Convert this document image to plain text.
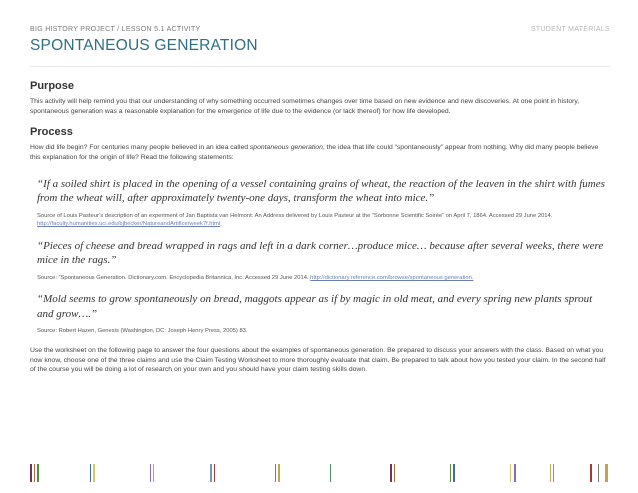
BIG HISTORY PROJECT / LESSON 5.1 ACTIVITY
SPONTANEOUS GENERATION
STUDENT MATERIALS
Purpose

This activity will help remind you that our understanding of why something occurred sometimes changes over time based on new evidence and new discoveries. At one point in history, spontaneous generation was a reasonable explanation for the emergence of life due to the evidence (or lack thereof) for how life developed.

Process

How did life begin? For centuries many people believed in an idea called spontaneous generation, the idea that life could “spontaneously” appear from nothing. Why did many people believe this explanation for the origin of life? Read the following statements:

“If a soiled shirt is placed in the opening of a vessel containing grains of wheat, the reaction of the leaven in the shirt with fumes from the wheat will, after approximately twenty-one days, transform the wheat into mice.”

Source of Louis Pasteur’s description of an experiment of Jan Baptista van Helmont: An Address delivered by Louis Pasteur at the “Sorbonne Scientific Soirée” on April 7, 1864. Accessed 29 June 2014. http://faculty.humanities.uci.edu/bjbecker/NatureandArtifice/week7f.html

“Pieces of cheese and bread wrapped in rags and left in a dark corner…produce mice… because after several weeks, there were mice in the rags.”

Source: “Spontaneous Generation. Dictionary.com. Encyclopedia Britannica, Inc. Accessed 29 June 2014. http://dictionary.reference.com/browse/spontaneous generation.

“Mold seems to grow spontaneously on bread, maggots appear as if by magic in old meat, and every spring new plants sprout and grow….”

Source: Robert Hazen, Genesis (Washington, DC: Joseph Henry Press, 2005) 83.

Use the worksheet on the following page to answer the four questions about the examples of spontaneous generation. Be prepared to discuss your answers with the class. Based on what you now know, choose one of the three claims and use the Claim Testing Worksheet to more thoroughly evaluate that claim. Be prepared to talk about how you tested your claim. In the second half of the course you will be doing a lot of research on your own and you should have your claim testing skills down.
